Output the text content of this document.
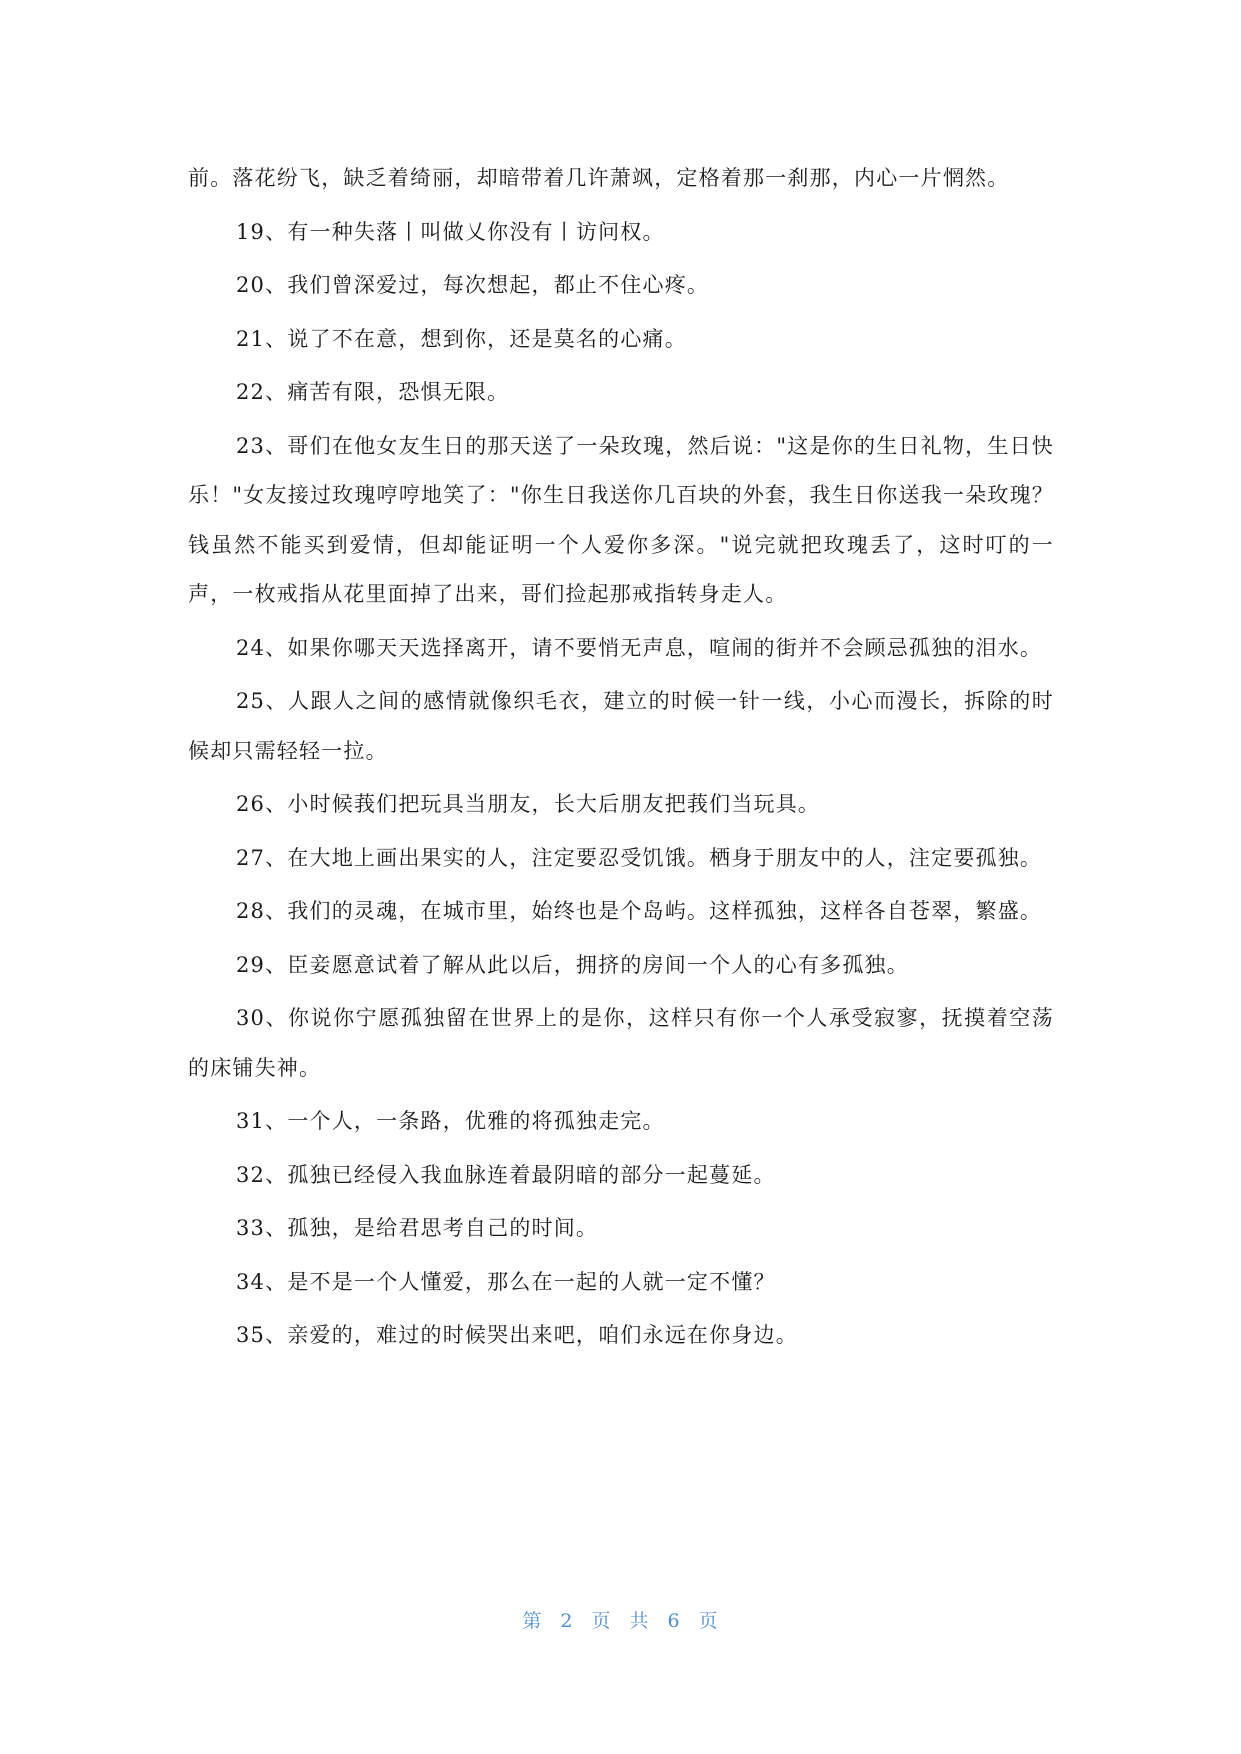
前。落花纷飞，缺乏着绮丽，却暗带着几许萧飒，定格着那一刹那，内心一片惘然。

19、有一种失落丨叫做乂你没有丨访问权。

20、我们曾深爱过，每次想起，都止不住心疼。

21、说了不在意，想到你，还是莫名的心痛。

22、痛苦有限，恐惧无限。

23、哥们在他女友生日的那天送了一朵玫瑰，然后说："这是你的生日礼物，生日快乐！"女友接过玫瑰哼哼地笑了："你生日我送你几百块的外套，我生日你送我一朵玫瑰？钱虽然不能买到爱情，但却能证明一个人爱你多深。"说完就把玫瑰丢了，这时叮的一声，一枚戒指从花里面掉了出来，哥们捡起那戒指转身走人。

24、如果你哪天天选择离开，请不要悄无声息，喧闹的街并不会顾忌孤独的泪水。

25、人跟人之间的感情就像织毛衣，建立的时候一针一线，小心而漫长，拆除的时候却只需轻轻一拉。

26、小时候莪们把玩具当朋友，长大后朋友把莪们当玩具。

27、在大地上画出果实的人，注定要忍受饥饿。栖身于朋友中的人，注定要孤独。

28、我们的灵魂，在城市里，始终也是个岛屿。这样孤独，这样各自苍翠，繁盛。

29、臣妾愿意试着了解从此以后，拥挤的房间一个人的心有多孤独。

30、你说你宁愿孤独留在世界上的是你，这样只有你一个人承受寂寥，抚摸着空荡的床铺失神。

31、一个人，一条路，优雅的将孤独走完。

32、孤独已经侵入我血脉连着最阴暗的部分一起蔓延。

33、孤独，是给君思考自己的时间。

34、是不是一个人懂爱，那么在一起的人就一定不懂？

35、亲爱的，难过的时候哭出来吧，咱们永远在你身边。

第 2 页 共 6 页
